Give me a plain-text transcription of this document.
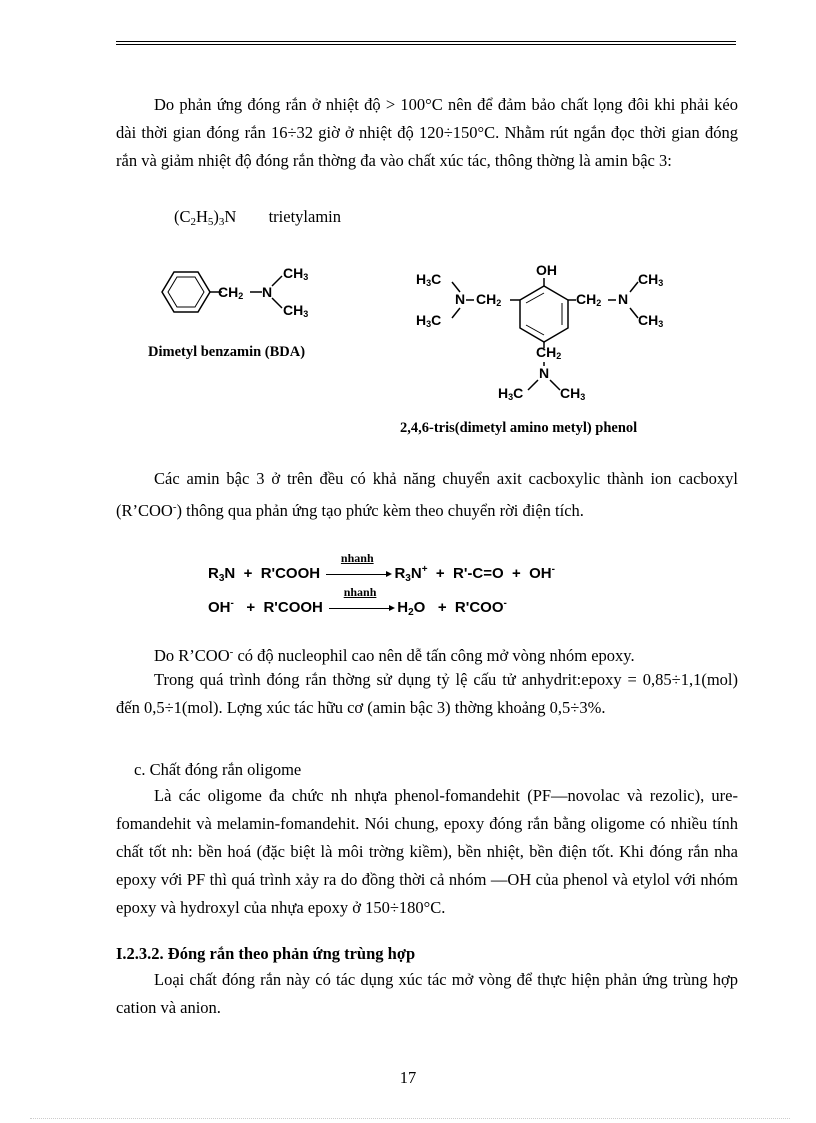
Do phản ứng đóng rắn ở nhiệt độ > 100°C nên để đảm bảo chất lọng đôi khi phải kéo dài thời gian đóng rắn 16÷32 giờ ở nhiệt độ 120÷150°C. Nhằm rút ngắn đọc thời gian đóng rắn và giảm nhiệt độ đóng rắn thờng đa vào chất xúc tác, thông thờng là amin bậc 3:
$(C_2H_5)_3N$ trietylamin
$CH_2$ N
$CH_3$
$CH_3$
Dimetyl benzamin (BDA)
OH
$H_3C$
$H_3C$
N $CH_2$	$CH_2$ N
$CH_3$
$CH_3$
$CH_2$
N
$H_3C$	$CH_3$
2,4,6-tris(dimetyl amino metyl) phenol
Các amin bậc 3 ở trên đều có khả năng chuyển axit cacboxylic thành ion cacboxyl (R’COO-) thông qua phản ứng tạo phức kèm theo chuyển rời điện tích.
$R_3N$ + R'COOH
nhanh
$R_3N^+ + R'-C=O + OH^-$
OH- + R'COOH
nhanh
$H_2O + R'COO^-$
Do R’COO- có độ nucleophil cao nên dễ tấn công mở vòng nhóm epoxy.
Trong quá trình đóng rắn thờng sử dụng tỷ lệ cấu tử anhydrit:epoxy = 0,85÷1,1(mol) đến 0,5÷1(mol). Lợng xúc tác hữu cơ (amin bậc 3) thờng khoảng 0,5÷3%.
c. Chất đóng rắn oligome
Là các oligome đa chức nh nhựa phenol-fomandehit (PF—novolac và rezolic), ure-fomandehit và melamin-fomandehit. Nói chung, epoxy đóng rắn bằng oligome có nhiều tính chất tốt nh: bền hoá (đặc biệt là môi trờng kiềm), bền nhiệt, bền điện tốt. Khi đóng rắn nha epoxy với PF thì quá trình xảy ra do đồng thời cả nhóm —OH của phenol và etylol với nhóm epoxy và hydroxyl của nhựa epoxy ở 150÷180°C.
I.2.3.2. Đóng rắn theo phản ứng trùng hợp
Loại chất đóng rắn này có tác dụng xúc tác mở vòng để thực hiện phản ứng trùng hợp cation và anion.
17
